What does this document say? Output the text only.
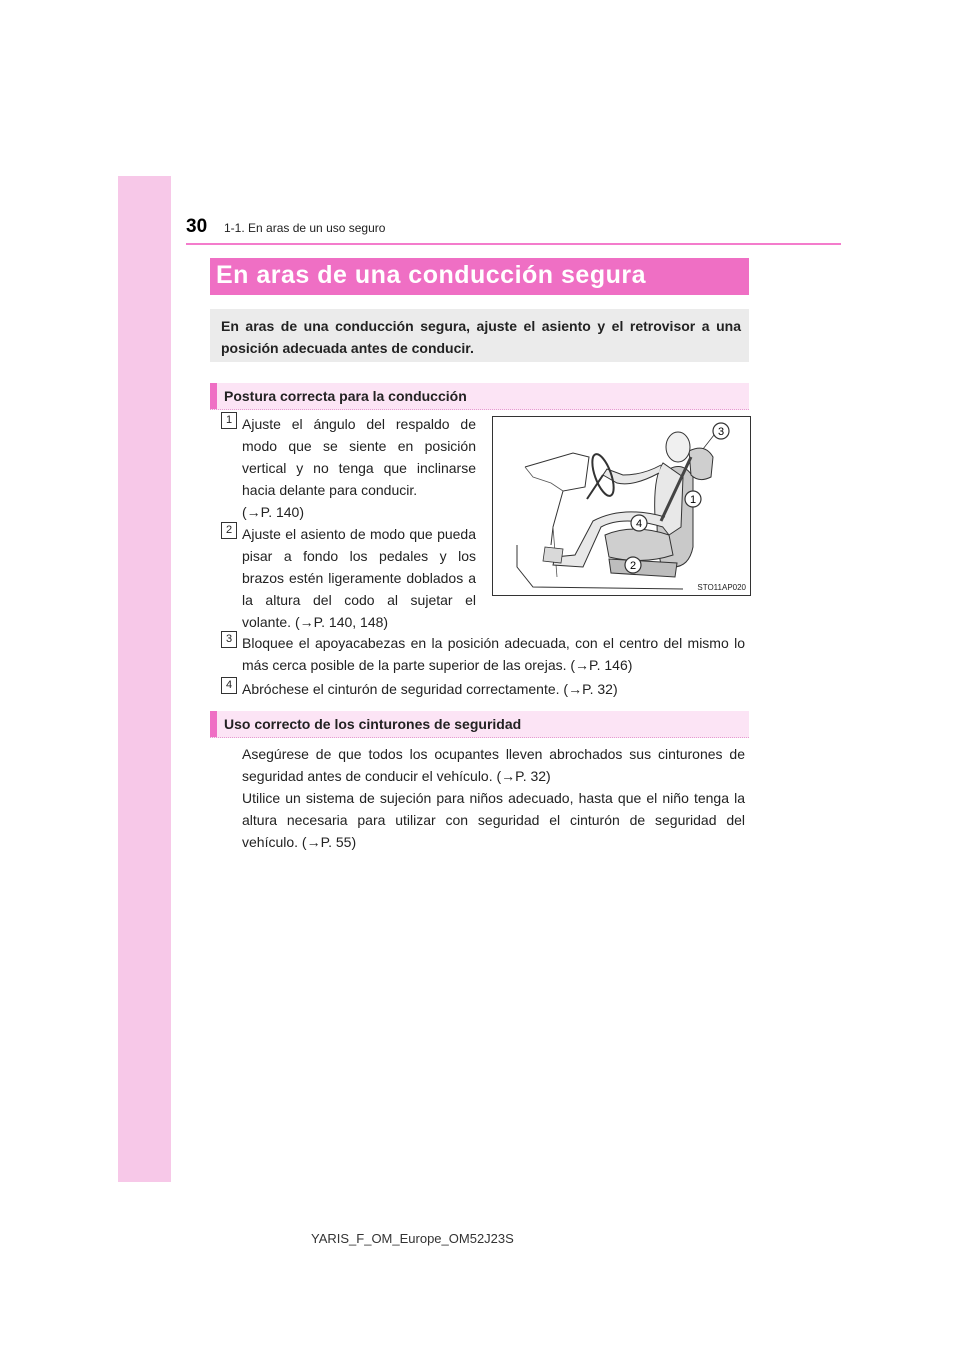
30 1-1. En aras de un uso seguro
En aras de una conducción segura
En aras de una conducción segura, ajuste el asiento y el retrovisor a una posición adecuada antes de conducir.
Postura correcta para la conducción
1 Ajuste el ángulo del respaldo de modo que se siente en posición vertical y no tenga que inclinarse hacia delante para conducir.
(→P. 140)
2 Ajuste el asiento de modo que pueda pisar a fondo los pedales y los brazos estén ligeramente doblados a la altura del codo al sujetar el volante. (→P. 140, 148)
3
1
4
2
STO11AP020
3 Bloquee el apoyacabezas en la posición adecuada, con el centro del mismo lo más cerca posible de la parte superior de las orejas. (→P. 146)
4 Abróchese el cinturón de seguridad correctamente. (→P. 32)
Uso correcto de los cinturones de seguridad
Asegúrese de que todos los ocupantes lleven abrochados sus cinturones de seguridad antes de conducir el vehículo. (→P. 32)
Utilice un sistema de sujeción para niños adecuado, hasta que el niño tenga la altura necesaria para utilizar con seguridad el cinturón de seguridad del vehículo. (→P. 55)
YARIS_F_OM_Europe_OM52J23S
